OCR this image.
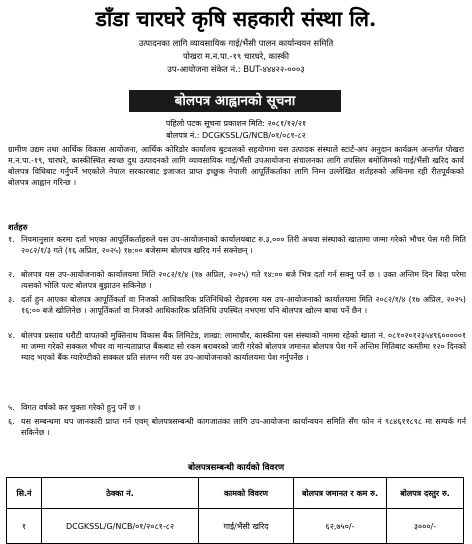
डाँडा चारघरे कृषि सहकारी संस्था लि.
उत्पादनका लागि व्यावसायिक गाई/भैंसी पालन कार्यान्वयन समिति
पोखरा म.न.पा.-१९ चारघरे, कास्की
उप-आयोजना संकेत नं.: BUT-४४४२२-०००३
बोलपत्र आह्वानको सूचना
पहिलो पटक सूचना प्रकाशन मिति: २०८१/१२/२१
बोलपत्र नं.: DCGKSSL/G/NCB/०१/०८१-८२
ग्रामीण उद्यम तथा आर्थिक विकास आयोजना, आर्थिक कोरिडोर कार्यालय बुटवलको सहयोगमा यस उत्पादक संस्थाले स्टार्ट-अप अनुदान कार्यक्रम अन्तर्गत पोखरा म.न.पा.-१९, चारघरे, कास्कीस्थित स्वच्छ दुध उत्पादनको लागि व्यावसायिक गाई/भैंसी उपआयोजना संचालनका लागि तपसिल बमोजिमको गाई/भैंसी खरिद कार्य बोलपत्र विधिबाट गर्नुपर्ने भएकोले नेपाल सरकारबाट इजाजत प्राप्त इच्छुक नेपाली आपूर्तिकर्ताका लागि निम्न उल्लेखित शर्तहरुको अधिनमा रही रीतपूर्वकको बोलपत्र आह्वान गरिन्छ ।
शर्तहरु
१. नियमानुसार करमा दर्ता भएका आपूर्तिकर्ताहरुले यस उप-आयोजनाको कार्यालयबाट रु.३,००० तिरी अथवा संस्थाको खातामा जम्मा गरेको भौचर पेस गरी मिति २०८२/१/३ गते (१६ अप्रिल, २०२५) १७:०० बजेसम्म बोलपत्र खरिद गर्न सक्नेछन् ।
२. बोलपत्र यस उप-आयोजनाको कार्यालयमा मिति २०८२/१/४ (१७ अप्रिल, २०२५) गते १४:०० बजे भित्र दर्ता गर्न सक्नु पर्ने छ । उक्त अन्तिम दिन बिदा परेमा त्यसको भोलि पल्ट बोलपत्र बुझाउन सकिनेछ ।
३. दर्ता हुन आएका बोलपत्र आपूर्तिकर्ता वा निजको आधिकारिक प्रतिनिधिको रोहवरमा यस उप-आयोजनाको कार्यालयमा मिति २०८२/१/४ (१७ अप्रिल, २०२५) १६:०० बजे खोलिनेछ । आपूर्तिकर्ता वा निजको आधिकारिक प्रतिनिधि उपस्थित नभएमा पनि बोलपत्र खोल्न बाधा पर्ने छैन ।
४. बोलपत्र प्रस्ताव धरौटी वापतको मुक्तिनाथ विकास बैंक लिमिटेड, शाखा: लामाचौर, कास्कीमा यस संस्थाको नाममा रहेको खाता नं. ०८१०२०१२३५४९६०००००१ मा जम्मा गरेको सक्कल भौचर वा मान्यताप्राप्त बैंकबाट सो रकम बराबरको जारी गरेको बोलपत्र जमानत बोलपत्र पेश गर्ने अन्तिम मितिबाट कम्तीमा १२० दिनको म्याद भएको बैंक ग्यारेण्टीको सक्कल प्रति संलग्न गरी यस उप-आयोजनाको कार्यालयमा पेश गर्नुपर्नेछ ।
५. विगत वर्षको कर चुक्ता गरेको हुनु पर्ने छ ।
६. यस सम्बन्धमा थप जानकारी प्राप्त गर्न एवम् बोलपत्रसम्बन्धी कागजातका लागि उप-आयोजना कार्यान्वयन समिति सँग फोन नं ९८४६११८९८ मा सम्पर्क गर्न सकिनेछ ।
बोलपत्रसम्बन्धी कार्यको विवरण
सि.नं	ठेक्का नं.	कामको विवरण	बोलपत्र जमानत र कम रु.	बोलपत्र दस्तुर रु.
१	DCGKSSL/G/NCB/०१/२०८१-८२	गाई/भैंसी खरिद	६२,७५०/-	३०००/-
